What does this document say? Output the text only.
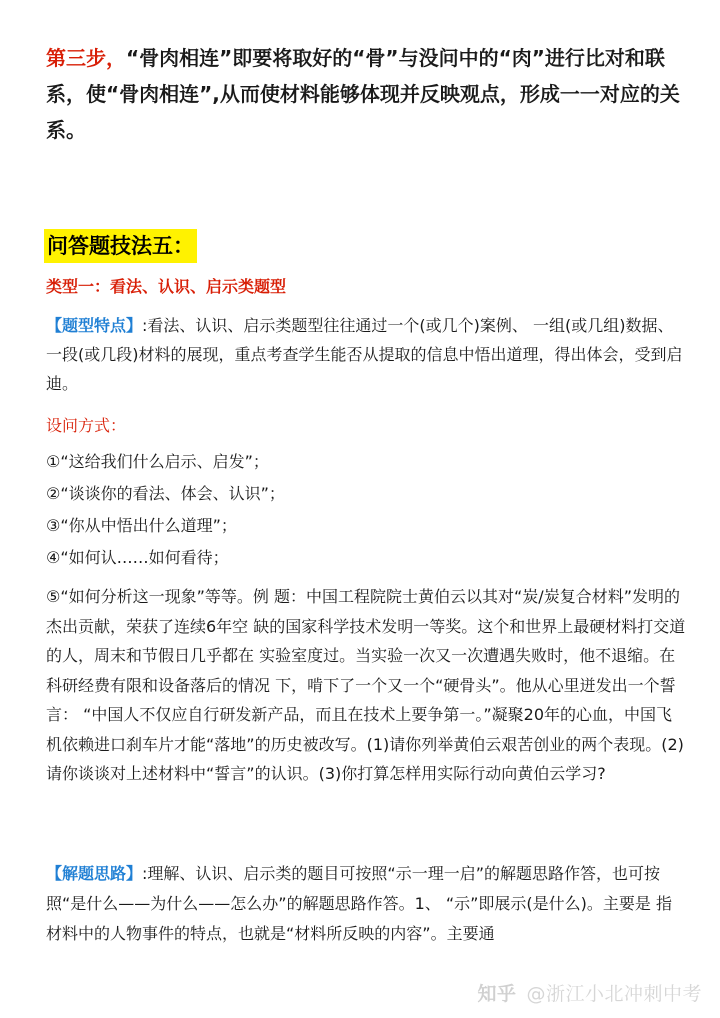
第三步，“骨肉相连”即要将取好的“骨”与没问中的“肉”进行比对和联系，使“骨肉相连”,从而使材料能够体现并反映观点，形成一一对应的关系。

问答题技法五：

类型一：看法、认识、启示类题型

【题型特点】:看法、认识、启示类题型往往通过一个(或几个)案例、 一组(或几组)数据、 一段(或几段)材料的展现，重点考查学生能否从提取的信息中悟出道理，得出体会，受到启迪。

设问方式：

①“这给我们什么启示、启发”；
②“谈谈你的看法、体会、认识”；
③“你从中悟出什么道理”；
④“如何认……如何看待；

⑤“如何分析这一现象”等等。例 题：中国工程院院士黄伯云以其对“炭/炭复合材料”发明的杰出贡献，荣获了连续6年空 缺的国家科学技术发明一等奖。这个和世界上最硬材料打交道的人，周末和节假日几乎都在 实验室度过。当实验一次又一次遭遇失败时，他不退缩。在科研经费有限和设备落后的情况 下，啃下了一个又一个“硬骨头”。他从心里迸发出一个誓言： “中国人不仅应自行研发新产品，而且在技术上要争第一。”凝聚20年的心血，中国飞机依赖进口刹车片才能“落地”的历史被改写。(1)请你列举黄伯云艰苦创业的两个表现。(2)请你谈谈对上述材料中“誓言”的认识。(3)你打算怎样用实际行动向黄伯云学习?

【解题思路】:理解、认识、启示类的题目可按照“示一理一启”的解题思路作答，也可按 照“是什么——为什么——怎么办”的解题思路作答。1、 “示”即展示(是什么)。主要是 指材料中的人物事件的特点，也就是“材料所反映的内容”。主要通

知乎 @浙江小北冲刺中考
